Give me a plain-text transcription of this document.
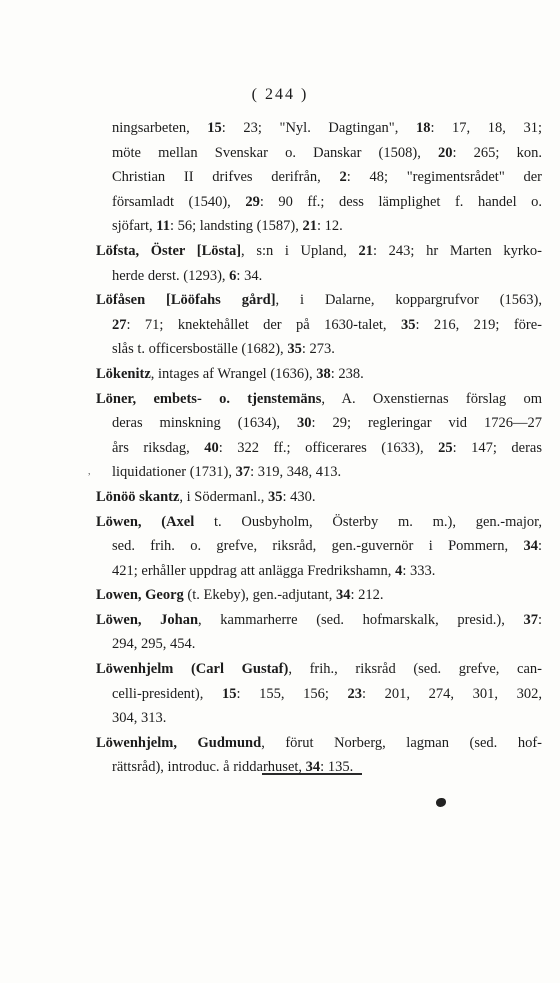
( 244 )
ningsarbeten, 15: 23; "Nyl. Dagtingan", 18: 17, 18, 31;
möte mellan Svenskar o. Danskar (1508), 20: 265; kon.
Christian II drifves derifrån, 2: 48; "regimentsrådet" der
församladt (1540), 29: 90 ff.; dess lämplighet f. handel o.
sjöfart, 11: 56; landsting (1587), 21: 12.
Löfsta, Öster [Lösta], s:n i Upland, 21: 243; hr Marten kyrko-
herde derst. (1293), 6: 34.
Löfåsen [Lööfahs gård], i Dalarne, koppargrufvor (1563),
27: 71; knektehållet der på 1630-talet, 35: 216, 219; före-
slås t. officersboställe (1682), 35: 273.
Lökenitz, intages af Wrangel (1636), 38: 238.
Löner, embets- o. tjenstemäns, A. Oxenstiernas förslag om
deras minskning (1634), 30: 29; regleringar vid 1726—27
års riksdag, 40: 322 ff.; officerares (1633), 25: 147; deras
liquidationer (1731), 37: 319, 348, 413.
Lönöö skantz, i Södermanl., 35: 430.
Löwen, (Axel t. Ousbyholm, Österby m. m.), gen.-major,
sed. frih. o. grefve, riksråd, gen.-guvernör i Pommern, 34:
421; erhåller uppdrag att anlägga Fredrikshamn, 4: 333.
Lowen, Georg (t. Ekeby), gen.-adjutant, 34: 212.
Löwen, Johan, kammarherre (sed. hofmarskalk, presid.), 37:
294, 295, 454.
Löwenhjelm (Carl Gustaf), frih., riksråd (sed. grefve, can-
celli-president), 15: 155, 156; 23: 201, 274, 301, 302,
304, 313.
Löwenhjelm, Gudmund, förut Norberg, lagman (sed. hof-
rättsråd), introduc. å riddarhuset, 34: 135.
,
